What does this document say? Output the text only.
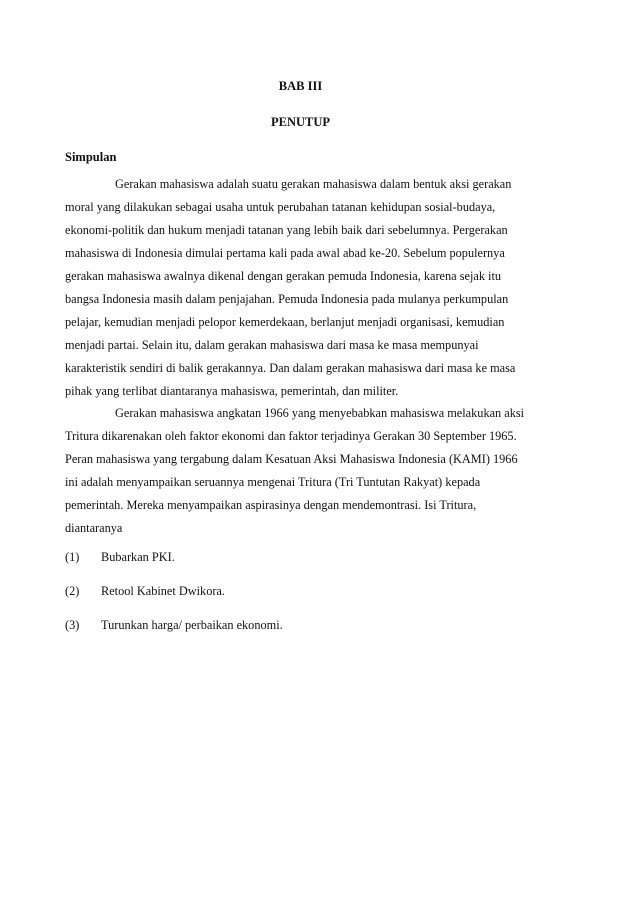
BAB III
PENUTUP
Simpulan
Gerakan mahasiswa adalah suatu gerakan mahasiswa dalam bentuk aksi gerakan
moral yang dilakukan sebagai usaha untuk perubahan tatanan kehidupan sosial-budaya,
ekonomi-politik dan hukum menjadi tatanan yang lebih baik dari sebelumnya. Pergerakan
mahasiswa di Indonesia dimulai pertama kali pada awal abad ke-20. Sebelum populernya
gerakan mahasiswa awalnya dikenal dengan gerakan pemuda Indonesia, karena sejak itu
bangsa Indonesia masih dalam penjajahan. Pemuda Indonesia pada mulanya perkumpulan
pelajar, kemudian menjadi pelopor kemerdekaan, berlanjut menjadi organisasi, kemudian
menjadi partai. Selain itu, dalam gerakan mahasiswa dari masa ke masa mempunyai
karakteristik sendiri di balik gerakannya. Dan dalam gerakan mahasiswa dari masa ke masa
pihak yang terlibat diantaranya mahasiswa, pemerintah, dan militer.
Gerakan mahasiswa angkatan 1966 yang menyebabkan mahasiswa melakukan aksi
Tritura dikarenakan oleh faktor ekonomi dan faktor terjadinya Gerakan 30 September 1965.
Peran mahasiswa yang tergabung dalam Kesatuan Aksi Mahasiswa Indonesia (KAMI) 1966
ini adalah menyampaikan seruannya mengenai Tritura (Tri Tuntutan Rakyat) kepada
pemerintah. Mereka menyampaikan aspirasinya dengan mendemontrasi. Isi Tritura,
diantaranya
(1) Bubarkan PKI.
(2) Retool Kabinet Dwikora.
(3) Turunkan harga/ perbaikan ekonomi.
